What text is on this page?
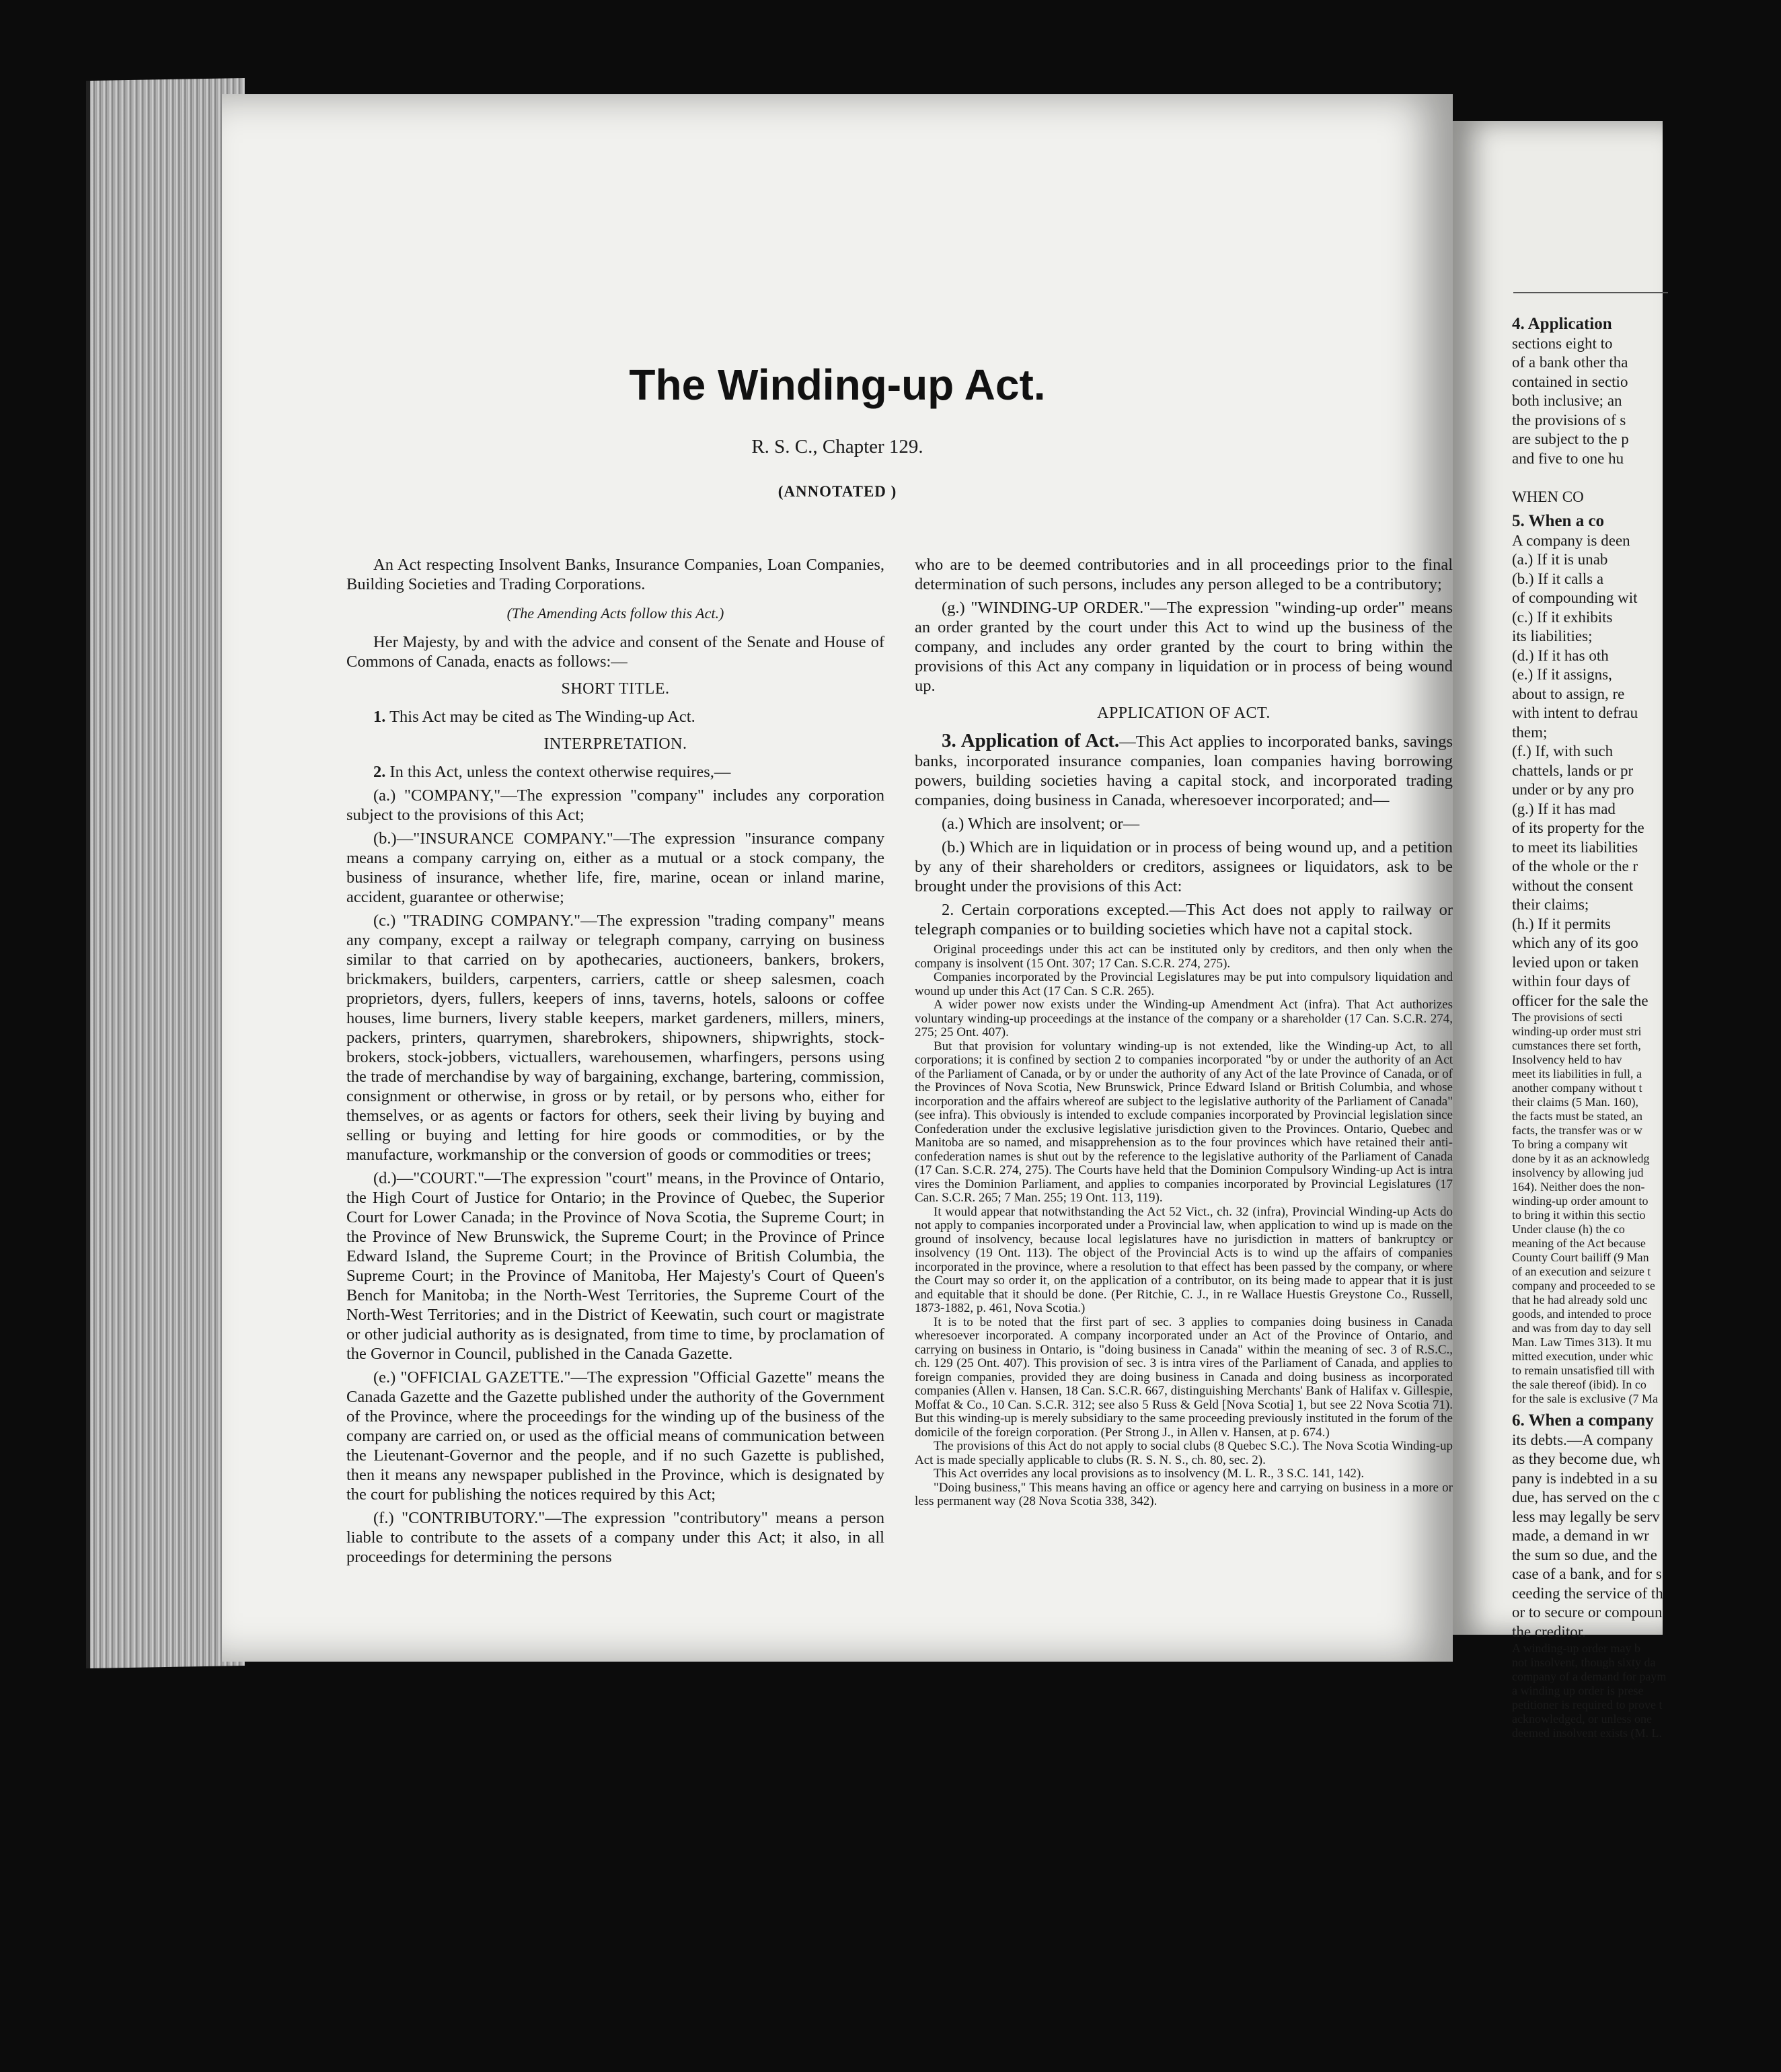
The Winding-up Act.
R. S. C., Chapter 129.
(ANNOTATED )

An Act respecting Insolvent Banks, Insurance Companies, Loan Companies, Building Societies and Trading Corporations.

(The Amending Acts follow this Act.)

Her Majesty, by and with the advice and consent of the Senate and House of Commons of Canada, enacts as follows:—

SHORT TITLE.

1. This Act may be cited as The Winding-up Act.

INTERPRETATION.

2. In this Act, unless the context otherwise requires,—

(a.) "COMPANY,"—The expression "company" includes any corporation subject to the provisions of this Act;

(b.)—"INSURANCE COMPANY."—The expression "insurance company means a company carrying on, either as a mutual or a stock company, the business of insurance, whether life, fire, marine, ocean or inland marine, accident, guarantee or otherwise;

(c.) "TRADING COMPANY."—The expression "trading company" means any company, except a railway or telegraph company, carrying on business similar to that carried on by apothecaries, auctioneers, bankers, brokers, brickmakers, builders, carpenters, carriers, cattle or sheep salesmen, coach proprietors, dyers, fullers, keepers of inns, taverns, hotels, saloons or coffee houses, lime burners, livery stable keepers, market gardeners, millers, miners, packers, printers, quarrymen, sharebrokers, shipowners, shipwrights, stock-brokers, stock-jobbers, victuallers, warehousemen, wharfingers, persons using the trade of merchandise by way of bargaining, exchange, bartering, commission, consignment or otherwise, in gross or by retail, or by persons who, either for themselves, or as agents or factors for others, seek their living by buying and selling or buying and letting for hire goods or commodities, or by the manufacture, workmanship or the conversion of goods or commodities or trees;

(d.)—"COURT."—The expression "court" means, in the Province of Ontario, the High Court of Justice for Ontario; in the Province of Quebec, the Superior Court for Lower Canada; in the Province of Nova Scotia, the Supreme Court; in the Province of New Brunswick, the Supreme Court; in the Province of Prince Edward Island, the Supreme Court; in the Province of British Columbia, the Supreme Court; in the Province of Manitoba, Her Majesty's Court of Queen's Bench for Manitoba; in the North-West Territories, the Supreme Court of the North-West Territories; and in the District of Keewatin, such court or magistrate or other judicial authority as is designated, from time to time, by proclamation of the Governor in Council, published in the Canada Gazette.

(e.) "OFFICIAL GAZETTE."—The expression "Official Gazette" means the Canada Gazette and the Gazette published under the authority of the Government of the Province, where the proceedings for the winding up of the business of the company are carried on, or used as the official means of communication between the Lieutenant-Governor and the people, and if no such Gazette is published, then it means any newspaper published in the Province, which is designated by the court for publishing the notices required by this Act;

(f.) "CONTRIBUTORY."—The expression "contributory" means a person liable to contribute to the assets of a company under this Act; it also, in all proceedings for determining the persons

who are to be deemed contributories and in all proceedings prior to the final determination of such persons, includes any person alleged to be a contributory;

(g.) "WINDING-UP ORDER."—The expression "winding-up order" means an order granted by the court under this Act to wind up the business of the company, and includes any order granted by the court to bring within the provisions of this Act any company in liquidation or in process of being wound up.

APPLICATION OF ACT.

3. Application of Act.—This Act applies to incorporated banks, savings banks, incorporated insurance companies, loan companies having borrowing powers, building societies having a capital stock, and incorporated trading companies, doing business in Canada, wheresoever incorporated; and—

(a.) Which are insolvent; or—

(b.) Which are in liquidation or in process of being wound up, and a petition by any of their shareholders or creditors, assignees or liquidators, ask to be brought under the provisions of this Act:

2. Certain corporations excepted.—This Act does not apply to railway or telegraph companies or to building societies which have not a capital stock.

Original proceedings under this act can be instituted only by creditors, and then only when the company is insolvent (15 Ont. 307; 17 Can. S.C.R. 274, 275).

Companies incorporated by the Provincial Legislatures may be put into compulsory liquidation and wound up under this Act (17 Can. S C.R. 265).

A wider power now exists under the Winding-up Amendment Act (infra). That Act authorizes voluntary winding-up proceedings at the instance of the company or a shareholder (17 Can. S.C.R. 274, 275; 25 Ont. 407).

But that provision for voluntary winding-up is not extended, like the Winding-up Act, to all corporations; it is confined by section 2 to companies incorporated "by or under the authority of an Act of the Parliament of Canada, or by or under the authority of any Act of the late Province of Canada, or of the Provinces of Nova Scotia, New Brunswick, Prince Edward Island or British Columbia, and whose incorporation and the affairs whereof are subject to the legislative authority of the Parliament of Canada" (see infra). This obviously is intended to exclude companies incorporated by Provincial legislation since Confederation under the exclusive legislative jurisdiction given to the Provinces. Ontario, Quebec and Manitoba are so named, and misapprehension as to the four provinces which have retained their anti-confederation names is shut out by the reference to the legislative authority of the Parliament of Canada (17 Can. S.C.R. 274, 275). The Courts have held that the Dominion Compulsory Winding-up Act is intra vires the Dominion Parliament, and applies to companies incorporated by Provincial Legislatures (17 Can. S.C.R. 265; 7 Man. 255; 19 Ont. 113, 119).

It would appear that notwithstanding the Act 52 Vict., ch. 32 (infra), Provincial Winding-up Acts do not apply to companies incorporated under a Provincial law, when application to wind up is made on the ground of insolvency, because local legislatures have no jurisdiction in matters of bankruptcy or insolvency (19 Ont. 113). The object of the Provincial Acts is to wind up the affairs of companies incorporated in the province, where a resolution to that effect has been passed by the company, or where the Court may so order it, on the application of a contributor, on its being made to appear that it is just and equitable that it should be done. (Per Ritchie, C. J., in re Wallace Huestis Greystone Co., Russell, 1873-1882, p. 461, Nova Scotia.)

It is to be noted that the first part of sec. 3 applies to companies doing business in Canada wheresoever incorporated. A company incorporated under an Act of the Province of Ontario, and carrying on business in Ontario, is "doing business in Canada" within the meaning of sec. 3 of R.S.C., ch. 129 (25 Ont. 407). This provision of sec. 3 is intra vires of the Parliament of Canada, and applies to foreign companies, provided they are doing business in Canada and doing business as incorporated companies (Allen v. Hansen, 18 Can. S.C.R. 667, distinguishing Merchants' Bank of Halifax v. Gillespie, Moffat & Co., 10 Can. S.C.R. 312; see also 5 Russ & Geld [Nova Scotia] 1, but see 22 Nova Scotia 71). But this winding-up is merely subsidiary to the same proceeding previously instituted in the forum of the domicile of the foreign corporation. (Per Strong J., in Allen v. Hansen, at p. 674.)

The provisions of this Act do not apply to social clubs (8 Quebec S.C.). The Nova Scotia Winding-up Act is made specially applicable to clubs (R. S. N. S., ch. 80, sec. 2).

This Act overrides any local provisions as to insolvency (M. L. R., 3 S.C. 141, 142).

"Doing business," This means having an office or agency here and carrying on business in a more or less permanent way (28 Nova Scotia 338, 342).

4. Application
sections eight to
of a bank other tha
contained in sectio
both inclusive; an
the provisions of s
are subject to the p
and five to one hu

WHEN CO
5. When a co
A company is deen
(a.) If it is unab
(b.) If it calls a
of compounding wit
(c.) If it exhibits
its liabilities;
(d.) If it has oth
(e.) If it assigns,
about to assign, re
with intent to defrau
them;
(f.) If, with such
chattels, lands or pr
under or by any pro
(g.) If it has mad
of its property for the
to meet its liabilities
of the whole or the r
without the consent
their claims;
(h.) If it permits
which any of its goo
levied upon or taken
within four days of
officer for the sale the
The provisions of secti
winding-up order must stri
cumstances there set forth,
Insolvency held to hav
meet its liabilities in full, a
another company without t
their claims (5 Man. 160),
the facts must be stated, an
facts, the transfer was or w
To bring a company wit
done by it as an acknowledg
insolvency by allowing jud
164). Neither does the non-
winding-up order amount to
to bring it within this sectio
Under clause (h) the co
meaning of the Act because
County Court bailiff (9 Man
of an execution and seizure t
company and proceeded to se
that he had already sold unc
goods, and intended to proce
and was from day to day sell
Man. Law Times 313). It mu
mitted execution, under whic
to remain unsatisfied till with
the sale thereof (ibid). In co
for the sale is exclusive (7 Ma
6. When a company
its debts.—A company
as they become due, wh
pany is indebted in a su
due, has served on the c
less may legally be serv
made, a demand in wr
the sum so due, and the
case of a bank, and for s
ceeding the service of th
or to secure or compoun
the creditor.
A winding-up order may b
not insolvent, though sixty da
company of a demand for paym
a winding up order is prese
petitioner is required to prove t
acknowledged, or unless one
deemed insolvent exists (M. L.
